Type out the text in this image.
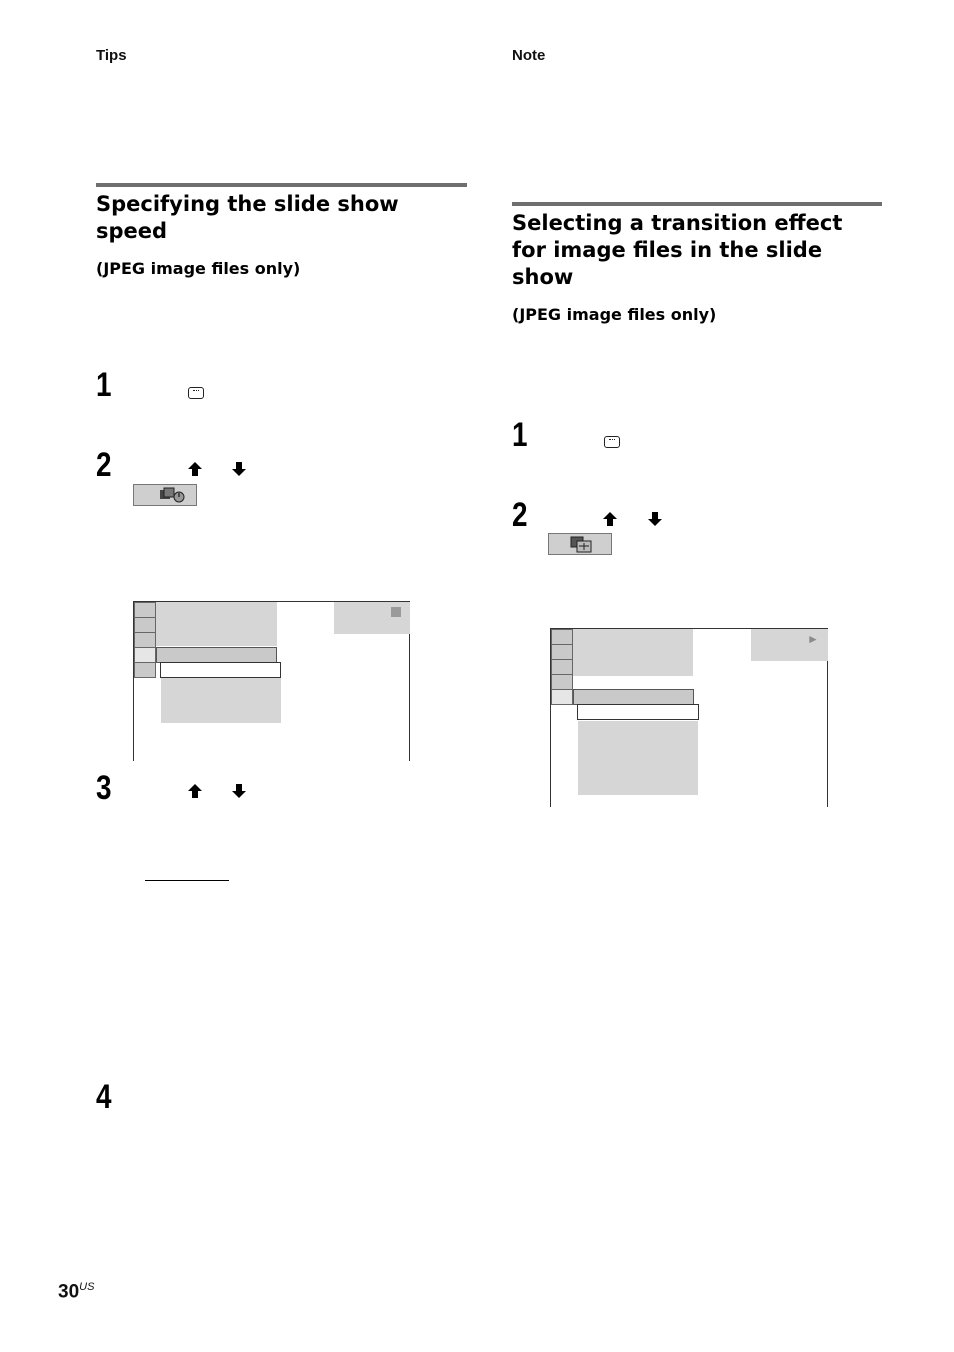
Tips
Specifying the slide show
speed
(JPEG image files only)
1
2
3
4
Note
Selecting a transition effect
for image files in the slide
show
(JPEG image files only)
1
2
►
$30^{US}$
